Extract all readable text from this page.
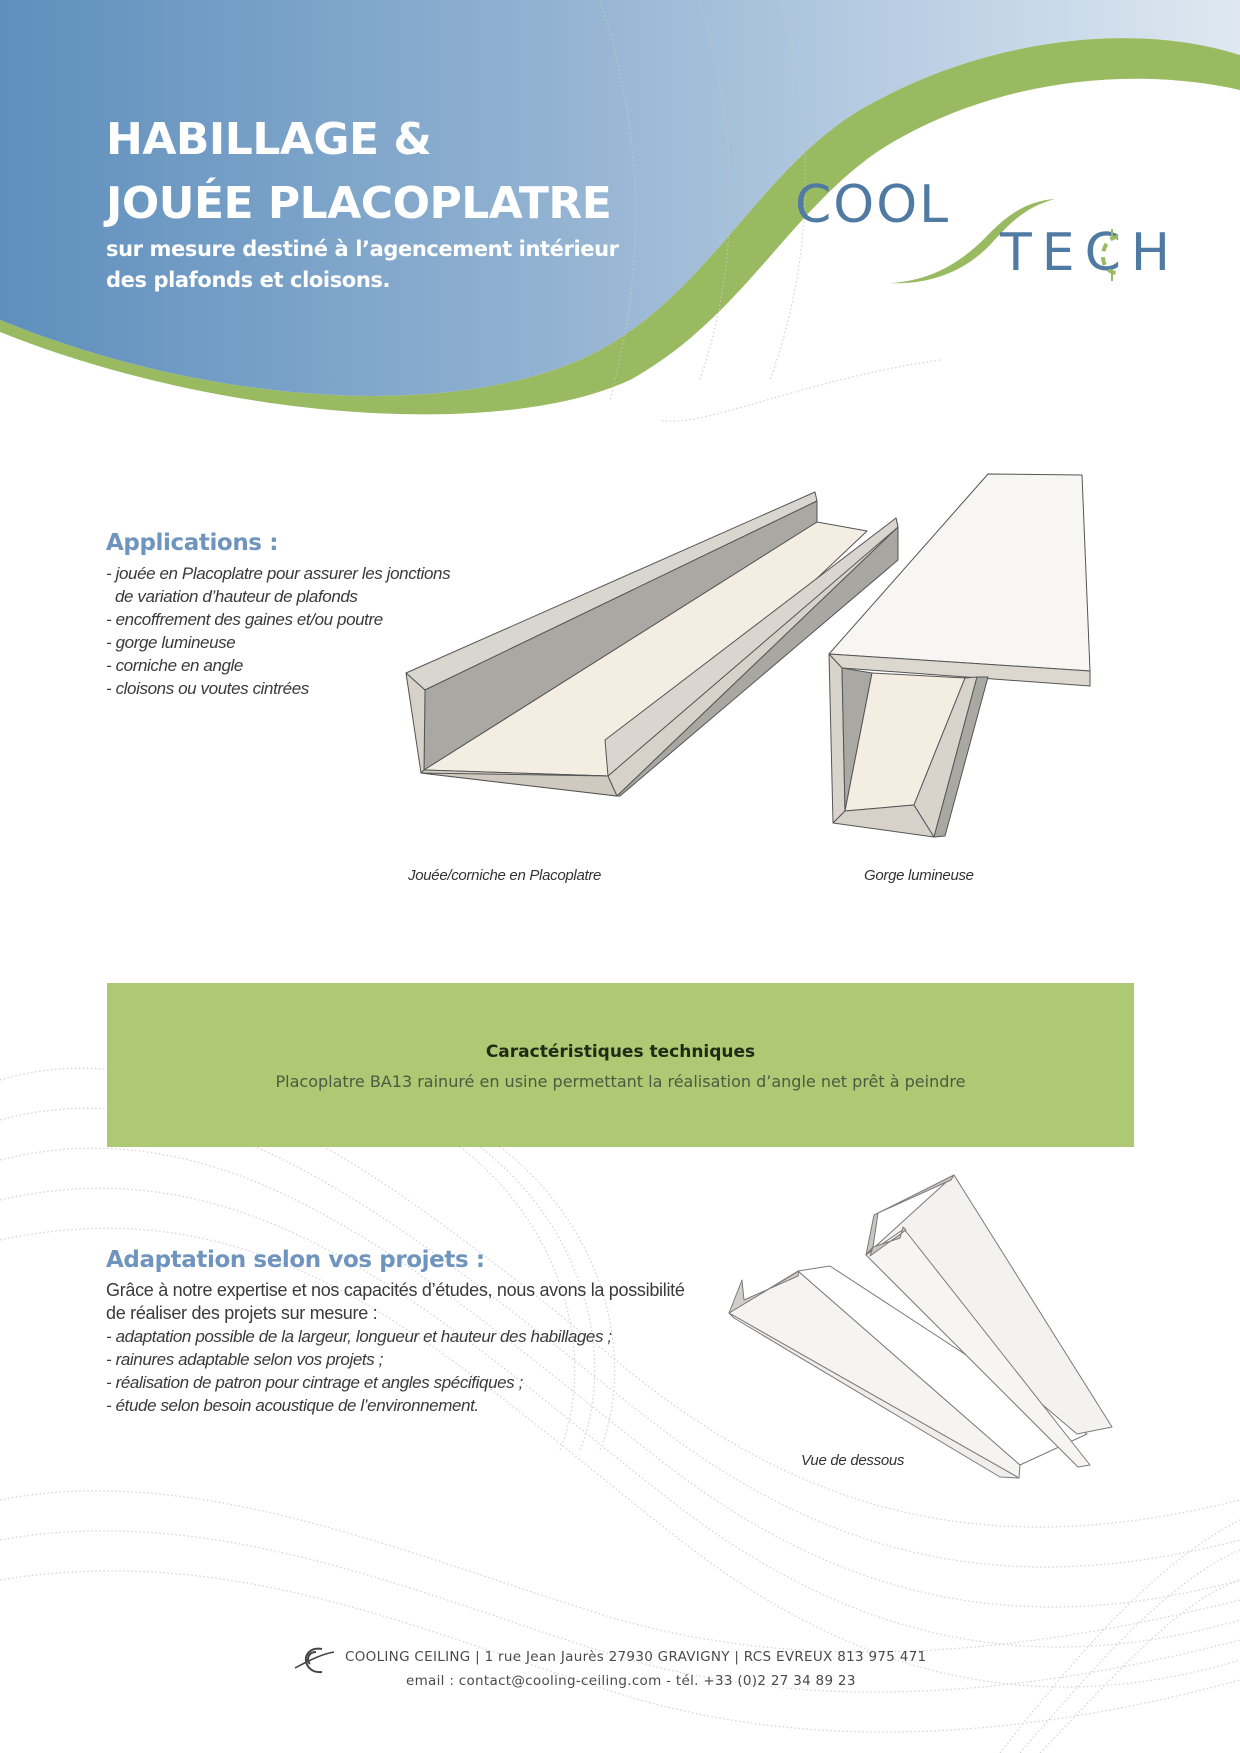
HABILLAGE &
JOUÉE PLACOPLATRE
sur mesure destiné à l’agencement intérieur
des plafonds et cloisons.
COOL
TECH
Applications :
- jouée en Placoplatre pour assurer les jonctions
de variation d’hauteur de plafonds
- encoffrement des gaines et/ou poutre
- gorge lumineuse
- corniche en angle
- cloisons ou voutes cintrées
Jouée/corniche en Placoplatre	Gorge lumineuse
Vue de dessous
Caractéristiques techniques
Placoplatre BA13 rainuré en usine permettant la réalisation d’angle net prêt à peindre
Adaptation selon vos projets :
Grâce à notre expertise et nos capacités d’études, nous avons la possibilité
de réaliser des projets sur mesure :
- adaptation possible de la largeur, longueur et hauteur des habillages ;
- rainures adaptable selon vos projets ;
- réalisation de patron pour cintrage et angles spécifiques ;
- étude selon besoin acoustique de l’environnement.
COOLING CEILING | 1 rue Jean Jaurès 27930 GRAVIGNY | RCS EVREUX 813 975 471
email : contact@cooling-ceiling.com - tél. +33 (0)2 27 34 89 23
